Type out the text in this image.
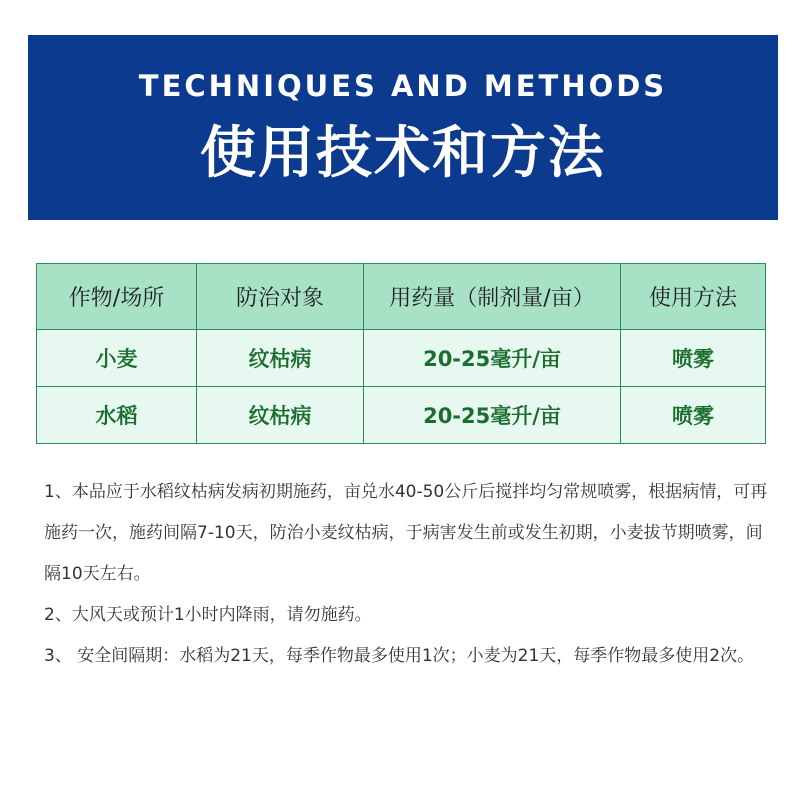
TECHNIQUES AND METHODS
使用技术和方法
作物/场所	防治对象	用药量（制剂量/亩）	使用方法
小麦	纹枯病	20-25毫升/亩	喷雾
水稻	纹枯病	20-25毫升/亩	喷雾

1、本品应于水稻纹枯病发病初期施药，亩兑水40-50公斤后搅拌均匀常规喷雾，根据病情，可再施药一次，施药间隔7-10天，防治小麦纹枯病，于病害发生前或发生初期，小麦拔节期喷雾，间隔10天左右。

2、大风天或预计1小时内降雨，请勿施药。

3、 安全间隔期：水稻为21天，每季作物最多使用1次；小麦为21天，每季作物最多使用2次。
